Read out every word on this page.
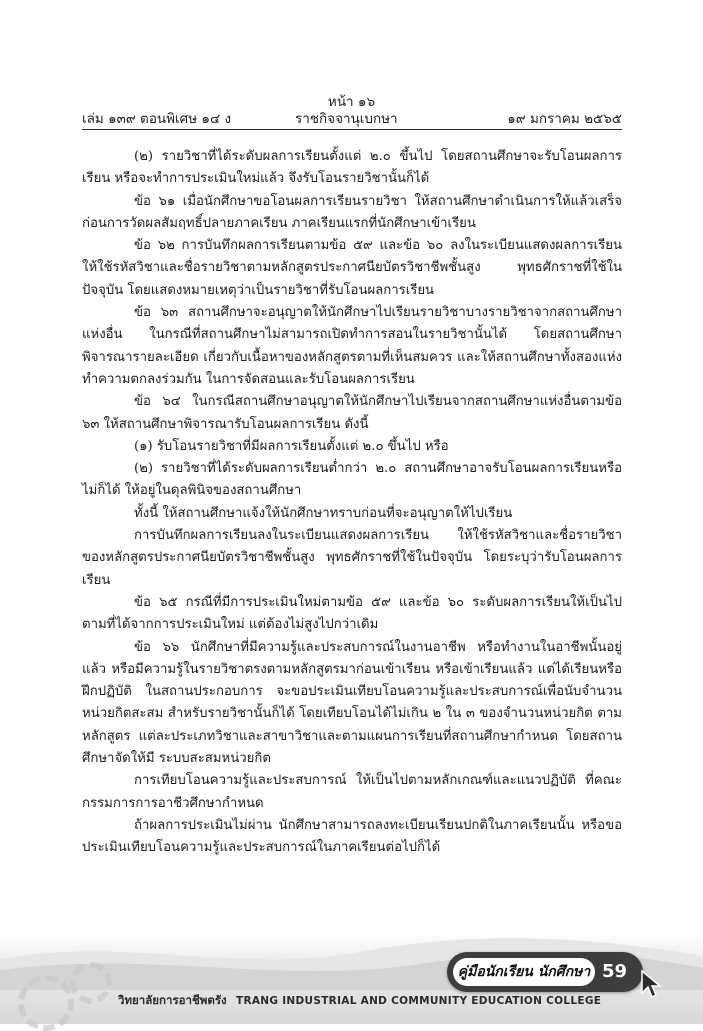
หน้า ๑๖
เล่ม ๑๓๙ ตอนพิเศษ ๑๔ ง	ราชกิจจานุเบกษา	๑๙ มกราคม ๒๕๖๕

(๒) รายวิชาที่ได้ระดับผลการเรียนตั้งแต่ ๒.๐ ขึ้นไป โดยสถานศึกษาจะรับโอนผลการเรียน หรือจะทำการประเมินใหม่แล้ว จึงรับโอนรายวิชานั้นก็ได้

ข้อ ๖๑ เมื่อนักศึกษาขอโอนผลการเรียนรายวิชา ให้สถานศึกษาดำเนินการให้แล้วเสร็จ ก่อนการวัดผลสัมฤทธิ์ปลายภาคเรียน ภาคเรียนแรกที่นักศึกษาเข้าเรียน

ข้อ ๖๒ การบันทึกผลการเรียนตามข้อ ๕๙ และข้อ ๖๐ ลงในระเบียนแสดงผลการเรียน ให้ใช้รหัสวิชาและชื่อรายวิชาตามหลักสูตรประกาศนียบัตรวิชาชีพชั้นสูง พุทธศักราชที่ใช้ในปัจจุบัน โดยแสดงหมายเหตุว่าเป็นรายวิชาที่รับโอนผลการเรียน

ข้อ ๖๓ สถานศึกษาจะอนุญาตให้นักศึกษาไปเรียนรายวิชาบางรายวิชาจากสถานศึกษาแห่งอื่น ในกรณีที่สถานศึกษาไม่สามารถเปิดทำการสอนในรายวิชานั้นได้ โดยสถานศึกษาพิจารณารายละเอียด เกี่ยวกับเนื้อหาของหลักสูตรตามที่เห็นสมควร และให้สถานศึกษาทั้งสองแห่งทำความตกลงร่วมกัน ในการจัดสอนและรับโอนผลการเรียน

ข้อ ๖๔ ในกรณีสถานศึกษาอนุญาตให้นักศึกษาไปเรียนจากสถานศึกษาแห่งอื่นตามข้อ ๖๓ ให้สถานศึกษาพิจารณารับโอนผลการเรียน ดังนี้

(๑) รับโอนรายวิชาที่มีผลการเรียนตั้งแต่ ๒.๐ ขึ้นไป หรือ

(๒) รายวิชาที่ได้ระดับผลการเรียนต่ำกว่า ๒.๐ สถานศึกษาอาจรับโอนผลการเรียนหรือไม่ก็ได้ ให้อยู่ในดุลพินิจของสถานศึกษา

ทั้งนี้ ให้สถานศึกษาแจ้งให้นักศึกษาทราบก่อนที่จะอนุญาตให้ไปเรียน

การบันทึกผลการเรียนลงในระเบียนแสดงผลการเรียน ให้ใช้รหัสวิชาและชื่อรายวิชา ของหลักสูตรประกาศนียบัตรวิชาชีพชั้นสูง พุทธศักราชที่ใช้ในปัจจุบัน โดยระบุว่ารับโอนผลการเรียน

ข้อ ๖๕ กรณีที่มีการประเมินใหม่ตามข้อ ๕๙ และข้อ ๖๐ ระดับผลการเรียนให้เป็นไป ตามที่ได้จากการประเมินใหม่ แต่ต้องไม่สูงไปกว่าเดิม

ข้อ ๖๖ นักศึกษาที่มีความรู้และประสบการณ์ในงานอาชีพ หรือทำงานในอาชีพนั้นอยู่แล้ว หรือมีความรู้ในรายวิชาตรงตามหลักสูตรมาก่อนเข้าเรียน หรือเข้าเรียนแล้ว แต่ได้เรียนหรือฝึกปฏิบัติ ในสถานประกอบการ จะขอประเมินเทียบโอนความรู้และประสบการณ์เพื่อนับจำนวนหน่วยกิตสะสม สำหรับรายวิชานั้นก็ได้ โดยเทียบโอนได้ไม่เกิน ๒ ใน ๓ ของจำนวนหน่วยกิต ตามหลักสูตร แต่ละประเภทวิชาและสาขาวิชาและตามแผนการเรียนที่สถานศึกษากำหนด โดยสถานศึกษาจัดให้มี ระบบสะสมหน่วยกิต

การเทียบโอนความรู้และประสบการณ์ ให้เป็นไปตามหลักเกณฑ์และแนวปฏิบัติ ที่คณะกรรมการการอาชีวศึกษากำหนด

ถ้าผลการประเมินไม่ผ่าน นักศึกษาสามารถลงทะเบียนเรียนปกติในภาคเรียนนั้น หรือขอประเมินเทียบโอนความรู้และประสบการณ์ในภาคเรียนต่อไปก็ได้

คู่มือนักเรียน นักศึกษา 59
วิทยาลัยการอาชีพตรัง TRANG INDUSTRIAL AND COMMUNITY EDUCATION COLLEGE
